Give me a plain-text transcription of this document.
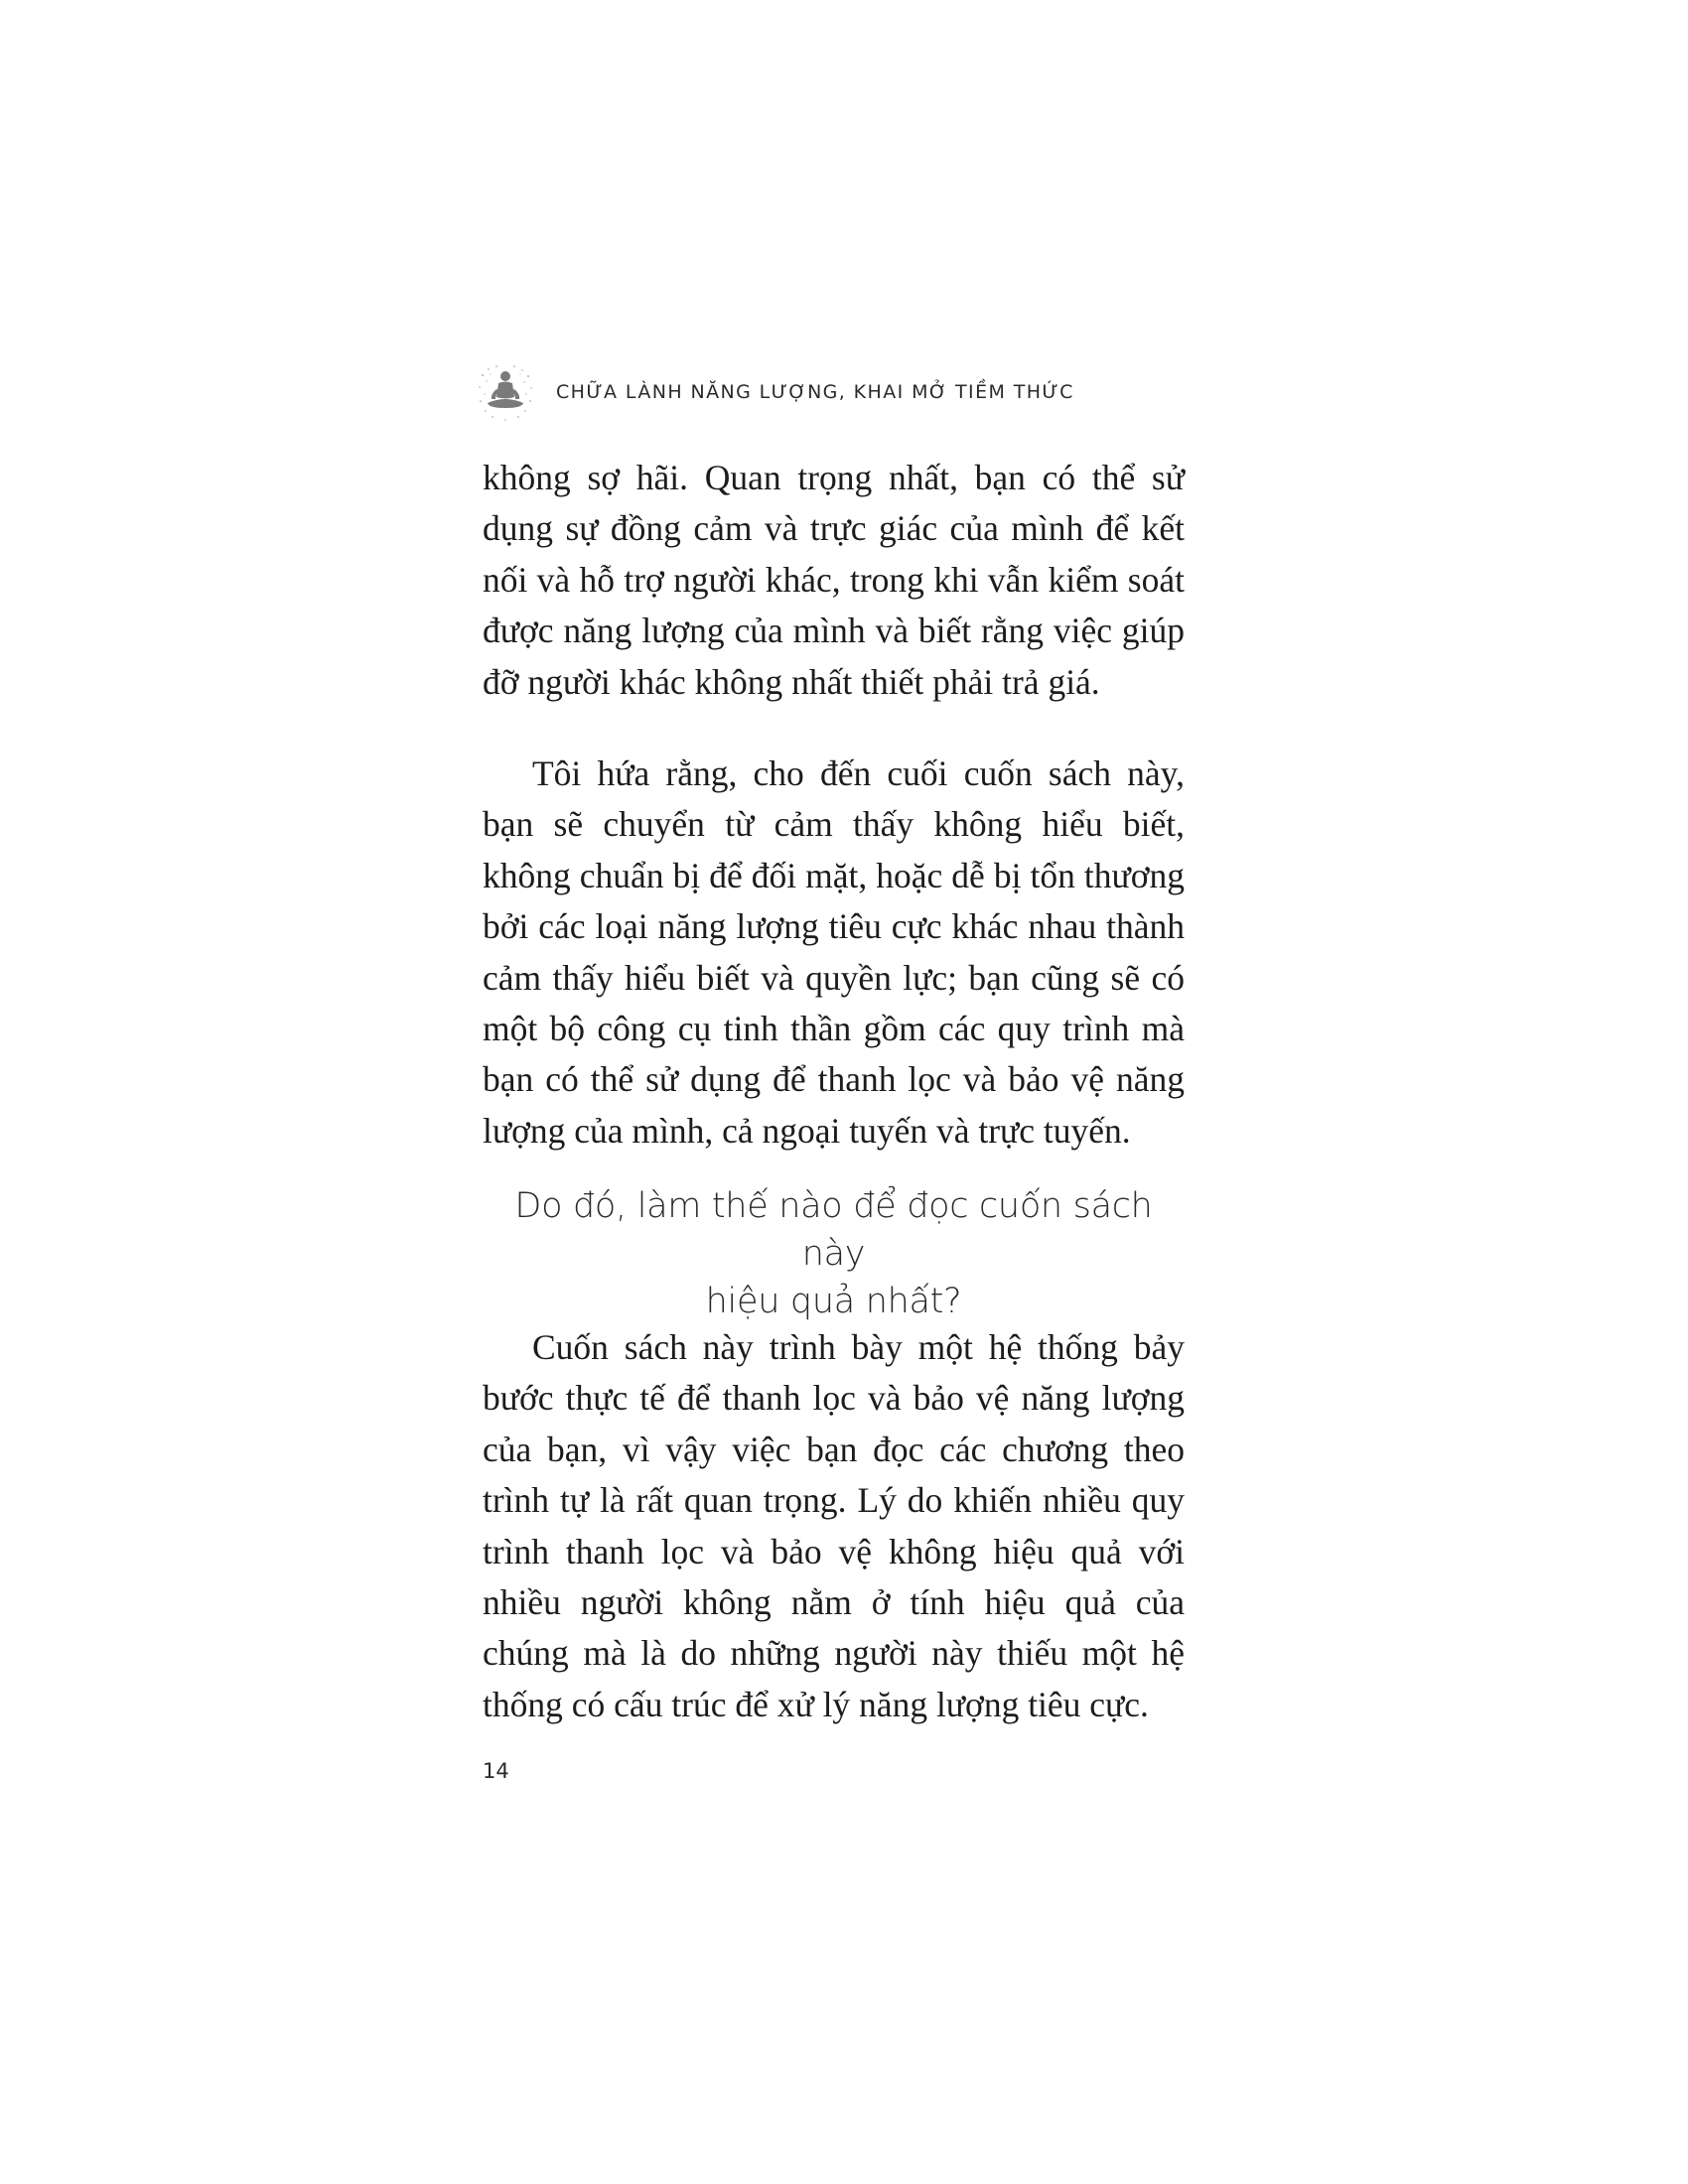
CHỮA LÀNH NĂNG LƯỢNG, KHAI MỞ TIỀM THỨC

không sợ hãi. Quan trọng nhất, bạn có thể sử dụng sự đồng cảm và trực giác của mình để kết nối và hỗ trợ người khác, trong khi vẫn kiểm soát được năng lượng của mình và biết rằng việc giúp đỡ người khác không nhất thiết phải trả giá.

Tôi hứa rằng, cho đến cuối cuốn sách này, bạn sẽ chuyển từ cảm thấy không hiểu biết, không chuẩn bị để đối mặt, hoặc dễ bị tổn thương bởi các loại năng lượng tiêu cực khác nhau thành cảm thấy hiểu biết và quyền lực; bạn cũng sẽ có một bộ công cụ tinh thần gồm các quy trình mà bạn có thể sử dụng để thanh lọc và bảo vệ năng lượng của mình, cả ngoại tuyến và trực tuyến.

Do đó, làm thế nào để đọc cuốn sách này
hiệu quả nhất?

Cuốn sách này trình bày một hệ thống bảy bước thực tế để thanh lọc và bảo vệ năng lượng của bạn, vì vậy việc bạn đọc các chương theo trình tự là rất quan trọng. Lý do khiến nhiều quy trình thanh lọc và bảo vệ không hiệu quả với nhiều người không nằm ở tính hiệu quả của chúng mà là do những người này thiếu một hệ thống có cấu trúc để xử lý năng lượng tiêu cực.

14
